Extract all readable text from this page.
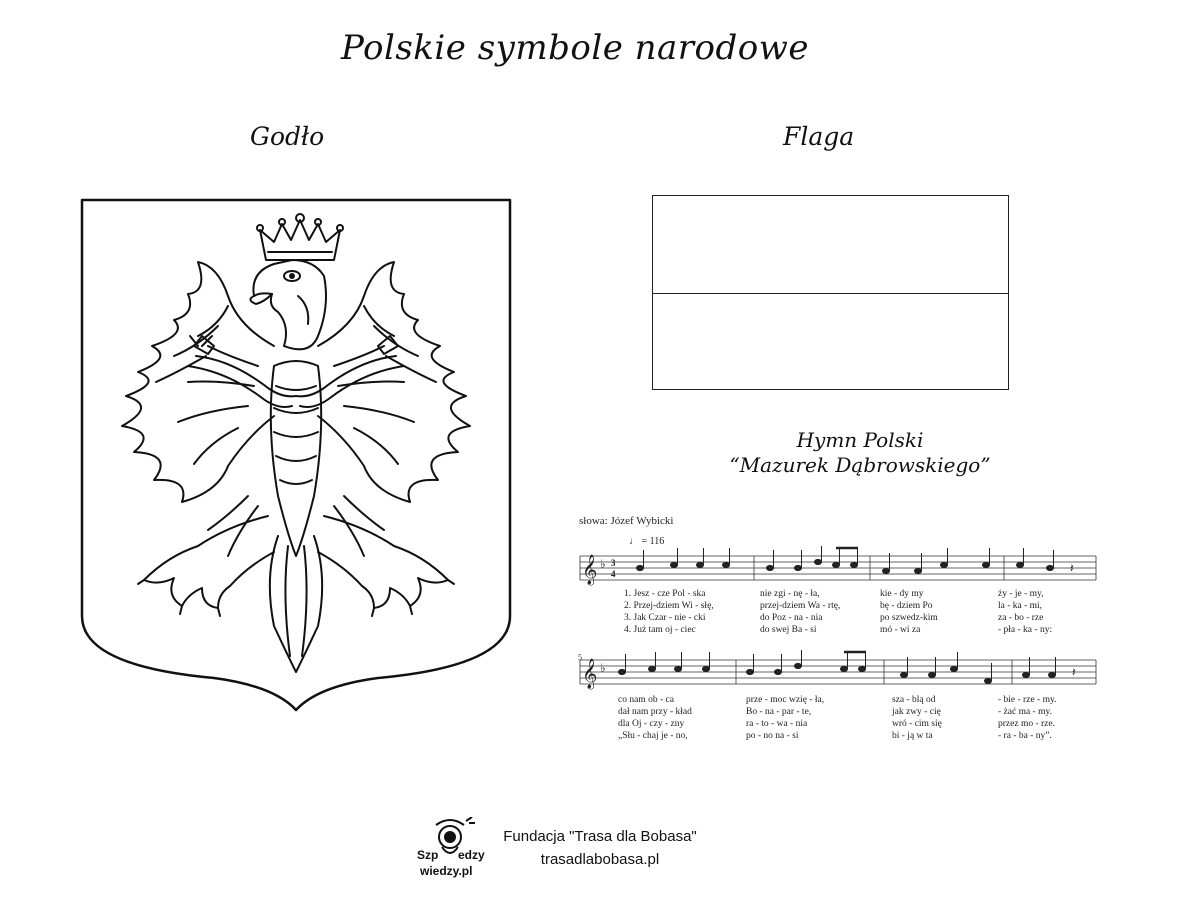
Polskie symbole narodowe
Godło	Flaga
Hymn Polski
“Mazurek Dąbrowskiego”
słowa: Józef Wybicki
♩ = 116
𝄞 ♭ 3
4	𝄽
1. Jesz - cze Pol - ska	nie zgi - nę - ła,	kie - dy my	ży - je - my,
2. Przej-dziem Wi - słę,	przej-dziem Wa - rtę,	bę - dziem Po	la - ka - mi,
3. Jak Czar - nie - cki	do Poz - na - nia	po szwedz-kim	za - bo - rze
4. Już tam oj - ciec	do swej Ba - si	mó - wi za	- pła - ka - ny:
5
𝄞 ♭	𝄽
co nam ob - ca	prze - moc wzię - ła,	sza - blą od	- bie - rze - my.
dał nam przy - kład	Bo - na - par - te,	jak zwy - cię	- żać ma - my.
dla Oj - czy - zny	ra - to - wa - nia	wró - cim się	przez mo - rze.
„Słu - chaj je - no,	po - no na - si	bi - ją w ta	- ra - ba - ny”.
Szp edzy
wiedzy.pl
Fundacja "Trasa dla Bobasa"
trasadlabobasa.pl
